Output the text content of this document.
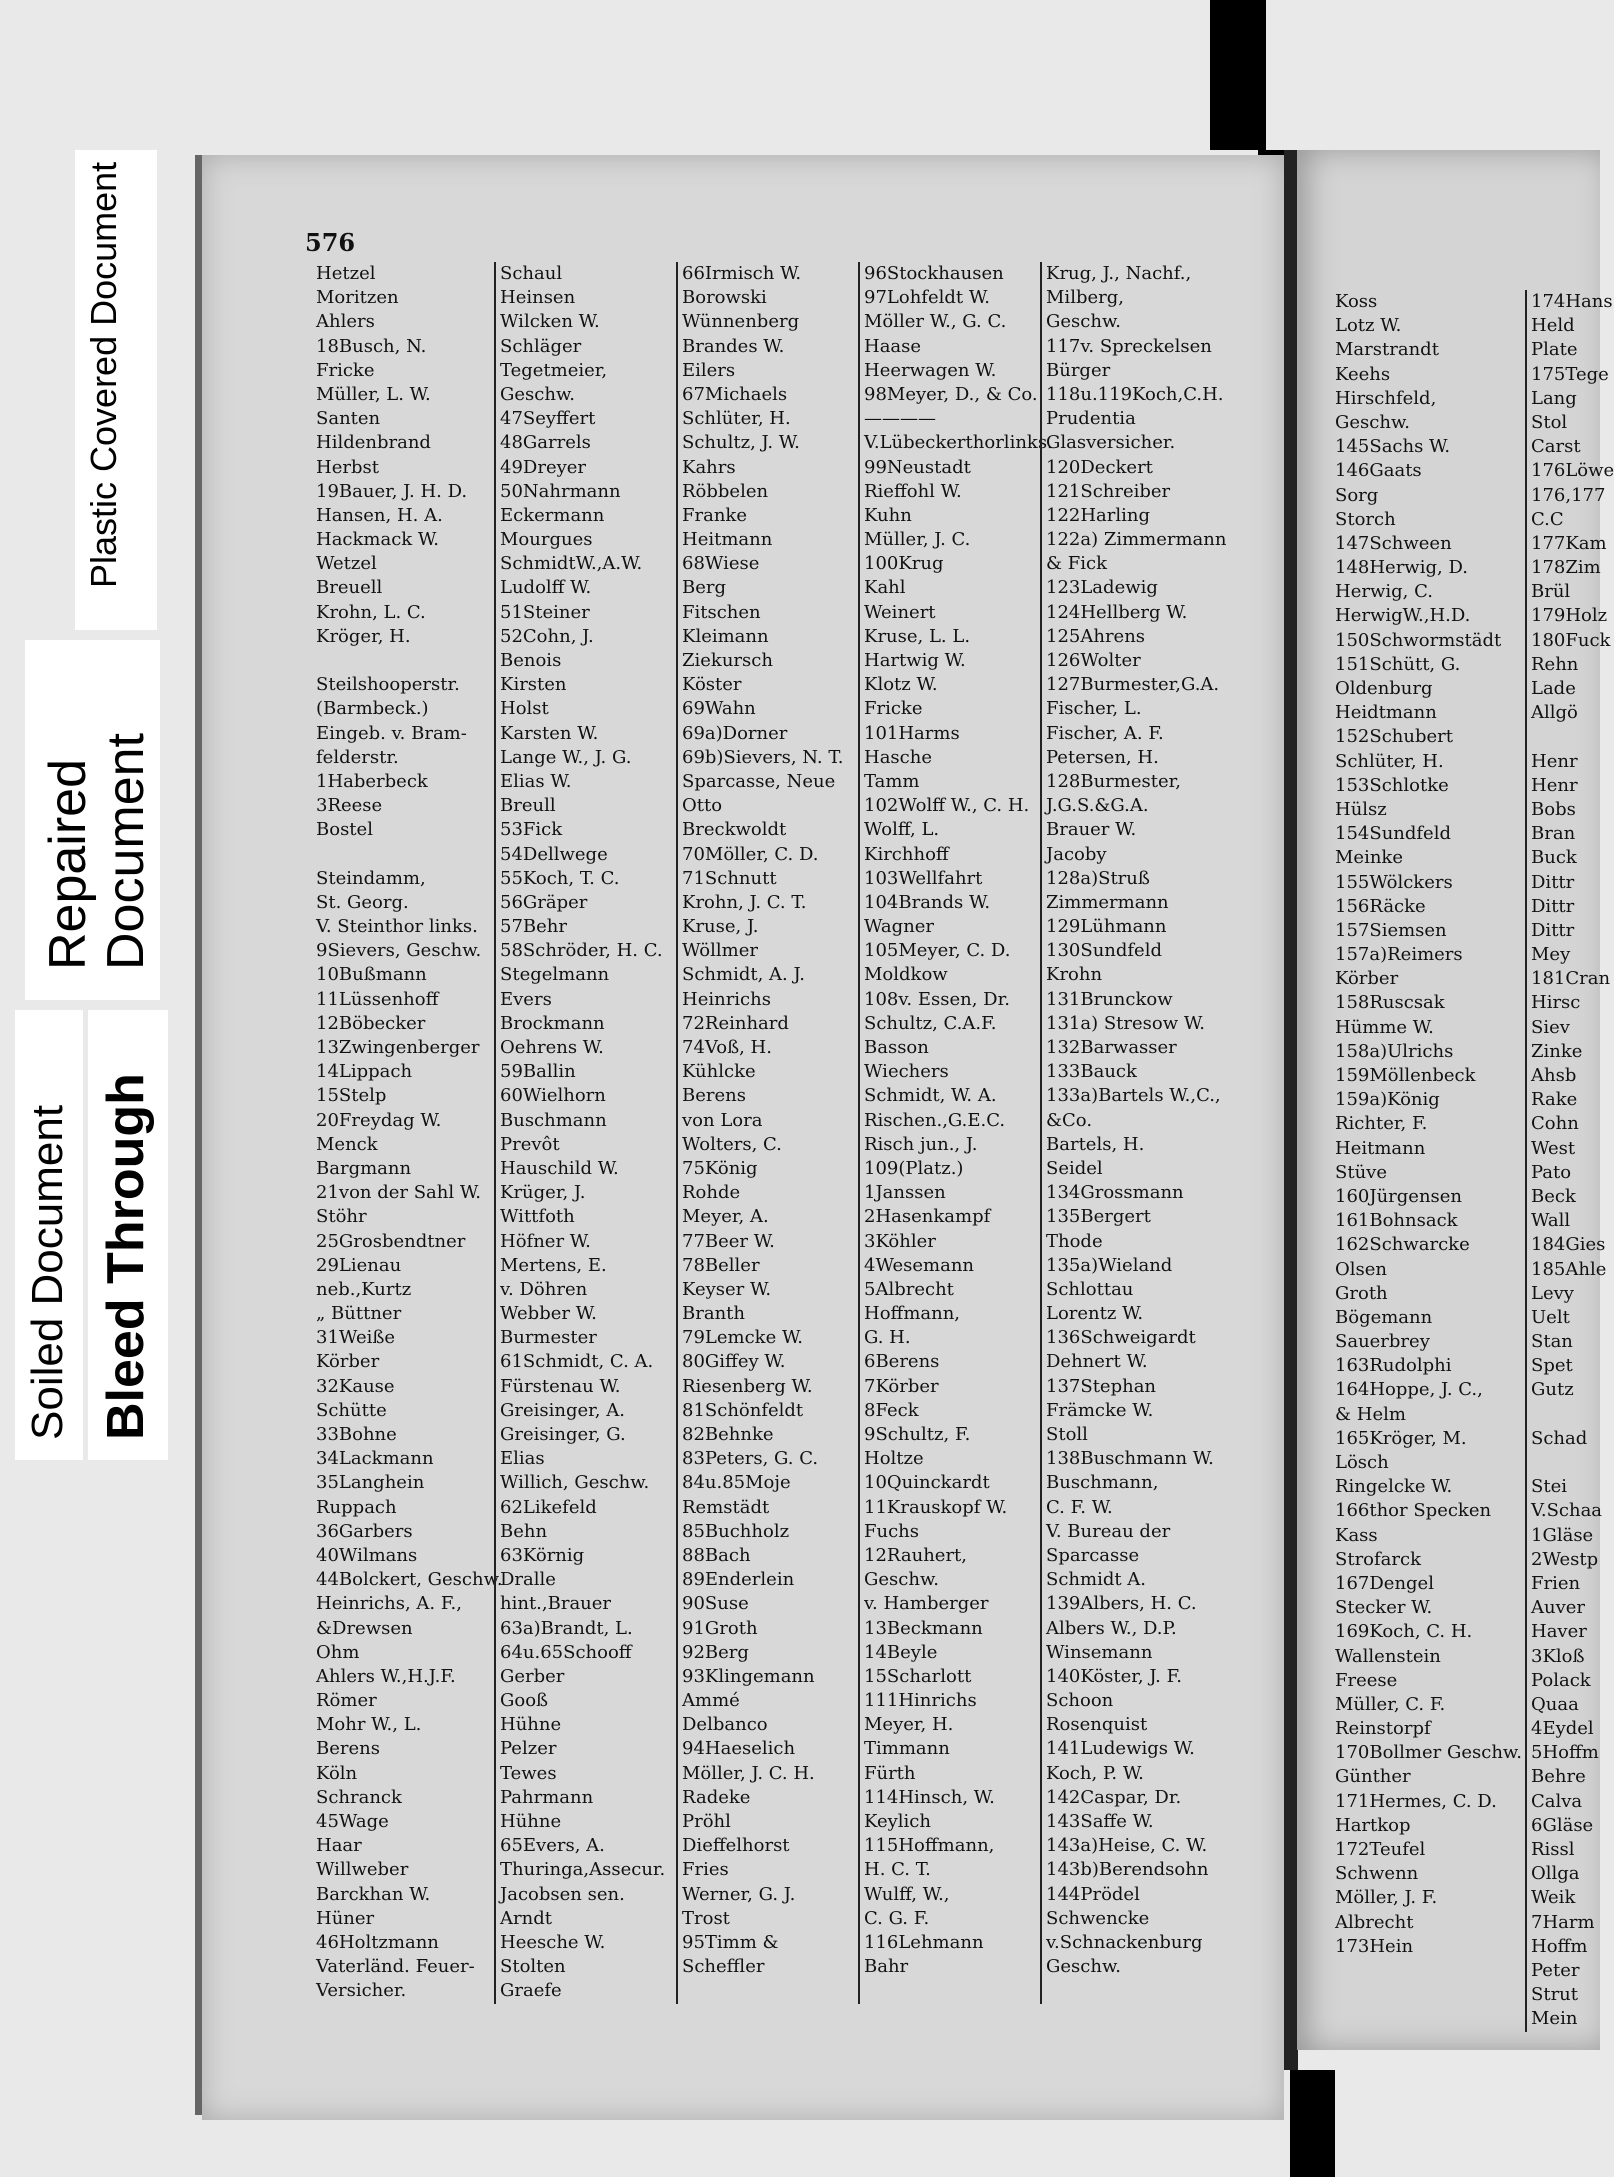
Plastic Covered Document
Repaired Document
Soiled Document Bleed Through
576
Hetzel
Moritzen
Ahlers
18Busch, N.
Fricke
Müller, L. W.
Santen
Hildenbrand
Herbst
19Bauer, J. H. D.
Hansen, H. A.
Hackmack W.
Wetzel
Breuell
Krohn, L. C.
Kröger, H.
Steilshooperstr.
(Barmbeck.)
Eingeb. v. Bram-
felderstr.
1Haberbeck
3Reese
Bostel
Steindamm,
St. Georg.
V. Steinthor links.
9Sievers, Geschw.
10Bußmann
11Lüssenhoff
12Böbecker
13Zwingenberger
14Lippach
15Stelp
20Freydag W.
Menck
Bargmann
21von der Sahl W.
Stöhr
25Grosbendtner
29Lienau
neb.,Kurtz
„ Büttner
31Weiße
Körber
32Kause
Schütte
33Bohne
34Lackmann
35Langhein
Ruppach
36Garbers
40Wilmans
44Bolckert, Geschw.
Heinrichs, A. F.,
&Drewsen
Ohm
Ahlers W.,H.J.F.
Römer
Mohr W., L.
Berens
Köln
Schranck
45Wage
Haar
Willweber
Barckhan W.
Hüner
46Holtzmann
Vaterländ. Feuer-
Versicher.
Schaul
Heinsen
Wilcken W.
Schläger
Tegetmeier,
Geschw.
47Seyffert
48Garrels
49Dreyer
50Nahrmann
Eckermann
Mourgues
SchmidtW.,A.W.
Ludolff W.
51Steiner
52Cohn, J.
Benois
Kirsten
Holst
Karsten W.
Lange W., J. G.
Elias W.
Breull
53Fick
54Dellwege
55Koch, T. C.
56Gräper
57Behr
58Schröder, H. C.
Stegelmann
Evers
Brockmann
Oehrens W.
59Ballin
60Wielhorn
Buschmann
Prevôt
Hauschild W.
Krüger, J.
Wittfoth
Höfner W.
Mertens, E.
v. Döhren
Webber W.
Burmester
61Schmidt, C. A.
Fürstenau W.
Greisinger, A.
Greisinger, G.
Elias
Willich, Geschw.
62Likefeld
Behn
63Körnig
Dralle
hint.,Brauer
63a)Brandt, L.
64u.65Schooff
Gerber
Gooß
Hühne
Pelzer
Tewes
Pahrmann
Hühne
65Evers, A.
Thuringa,Assecur.
Jacobsen sen.
Arndt
Heesche W.
Stolten
Graefe
66Irmisch W.
Borowski
Wünnenberg
Brandes W.
Eilers
67Michaels
Schlüter, H.
Schultz, J. W.
Kahrs
Röbbelen
Franke
Heitmann
68Wiese
Berg
Fitschen
Kleimann
Ziekursch
Köster
69Wahn
69a)Dorner
69b)Sievers, N. T.
Sparcasse, Neue
Otto
Breckwoldt
70Möller, C. D.
71Schnutt
Krohn, J. C. T.
Kruse, J.
Wöllmer
Schmidt, A. J.
Heinrichs
72Reinhard
74Voß, H.
Kühlcke
Berens
von Lora
Wolters, C.
75König
Rohde
Meyer, A.
77Beer W.
78Beller
Keyser W.
Branth
79Lemcke W.
80Giffey W.
Riesenberg W.
81Schönfeldt
82Behnke
83Peters, G. C.
84u.85Moje
Remstädt
85Buchholz
88Bach
89Enderlein
90Suse
91Groth
92Berg
93Klingemann
Ammé
Delbanco
94Haeselich
Möller, J. C. H.
Radeke
Pröhl
Dieffelhorst
Fries
Werner, G. J.
Trost
95Timm &
Scheffler
96Stockhausen
97Lohfeldt W.
Möller W., G. C.
Haase
Heerwagen W.
98Meyer, D., & Co.
————
V.Lübeckerthorlinks.
99Neustadt
Rieffohl W.
Kuhn
Müller, J. C.
100Krug
Kahl
Weinert
Kruse, L. L.
Hartwig W.
Klotz W.
Fricke
101Harms
Hasche
Tamm
102Wolff W., C. H.
Wolff, L.
Kirchhoff
103Wellfahrt
104Brands W.
Wagner
105Meyer, C. D.
Moldkow
108v. Essen, Dr.
Schultz, C.A.F.
Basson
Wiechers
Schmidt, W. A.
Rischen.,G.E.C.
Risch jun., J.
109(Platz.)
1Janssen
2Hasenkampf
3Köhler
4Wesemann
5Albrecht
Hoffmann,
G. H.
6Berens
7Körber
8Feck
9Schultz, F.
Holtze
10Quinckardt
11Krauskopf W.
Fuchs
12Rauhert,
Geschw.
v. Hamberger
13Beckmann
14Beyle
15Scharlott
111Hinrichs
Meyer, H.
Timmann
Fürth
114Hinsch, W.
Keylich
115Hoffmann,
H. C. T.
Wulff, W.,
C. G. F.
116Lehmann
Bahr
Krug, J., Nachf.,
Milberg,
Geschw.
117v. Spreckelsen
Bürger
118u.119Koch,C.H.
Prudentia
Glasversicher.
120Deckert
121Schreiber
122Harling
122a) Zimmermann
& Fick
123Ladewig
124Hellberg W.
125Ahrens
126Wolter
127Burmester,G.A.
Fischer, L.
Fischer, A. F.
Petersen, H.
128Burmester,
J.G.S.&G.A.
Brauer W.
Jacoby
128a)Struß
Zimmermann
129Lühmann
130Sundfeld
Krohn
131Brunckow
131a) Stresow W.
132Barwasser
133Bauck
133a)Bartels W.,C.,
&Co.
Bartels, H.
Seidel
134Grossmann
135Bergert
Thode
135a)Wieland
Schlottau
Lorentz W.
136Schweigardt
Dehnert W.
137Stephan
Främcke W.
Stoll
138Buschmann W.
Buschmann,
C. F. W.
V. Bureau der
Sparcasse
Schmidt A.
139Albers, H. C.
Albers W., D.P.
Winsemann
140Köster, J. F.
Schoon
Rosenquist
141Ludewigs W.
Koch, P. W.
142Caspar, Dr.
143Saffe W.
143a)Heise, C. W.
143b)Berendsohn
144Prödel
Schwencke
v.Schnackenburg
Geschw.
Koss
Lotz W.
Marstrandt
Keehs
Hirschfeld,
Geschw.
145Sachs W.
146Gaats
Sorg
Storch
147Schween
148Herwig, D.
Herwig, C.
HerwigW.,H.D.
150Schwormstädt
151Schütt, G.
Oldenburg
Heidtmann
152Schubert
Schlüter, H.
153Schlotke
Hülsz
154Sundfeld
Meinke
155Wölckers
156Räcke
157Siemsen
157a)Reimers
Körber
158Ruscsak
Hümme W.
158a)Ulrichs
159Möllenbeck
159a)König
Richter, F.
Heitmann
Stüve
160Jürgensen
161Bohnsack
162Schwarcke
Olsen
Groth
Bögemann
Sauerbrey
163Rudolphi
164Hoppe, J. C.,
& Helm
165Kröger, M.
Lösch
Ringelcke W.
166thor Specken
Kass
Strofarck
167Dengel
Stecker W.
169Koch, C. H.
Wallenstein
Freese
Müller, C. F.
Reinstorpf
170Bollmer Geschw.
Günther
171Hermes, C. D.
Hartkop
172Teufel
Schwenn
Möller, J. F.
Albrecht
173Hein
174Hans
Held
Plate
175Tege
Lang
Stol
Carst
176Löwe
176,177
C.C
177Kam
178Zim
Brül
179Holz
180Fuck
Rehn
Lade
Allgö
Henr
Henr
Bobs
Bran
Buck
Dittr
Dittr
Dittr
Mey
181Cran
Hirsc
Siev
Zinke
Ahsb
Rake
Cohn
West
Pato
Beck
Wall
184Gies
185Ahle
Levy
Uelt
Stan
Spet
Gutz
Schad
Stei
V.Schaa
1Gläse
2Westp
Frien
Auver
Haver
3Kloß
Polack
Quaa
4Eydel
5Hoffm
Behre
Calva
6Gläse
Rissl
Ollga
Weik
7Harm
Hoffm
Peter
Strut
Mein
